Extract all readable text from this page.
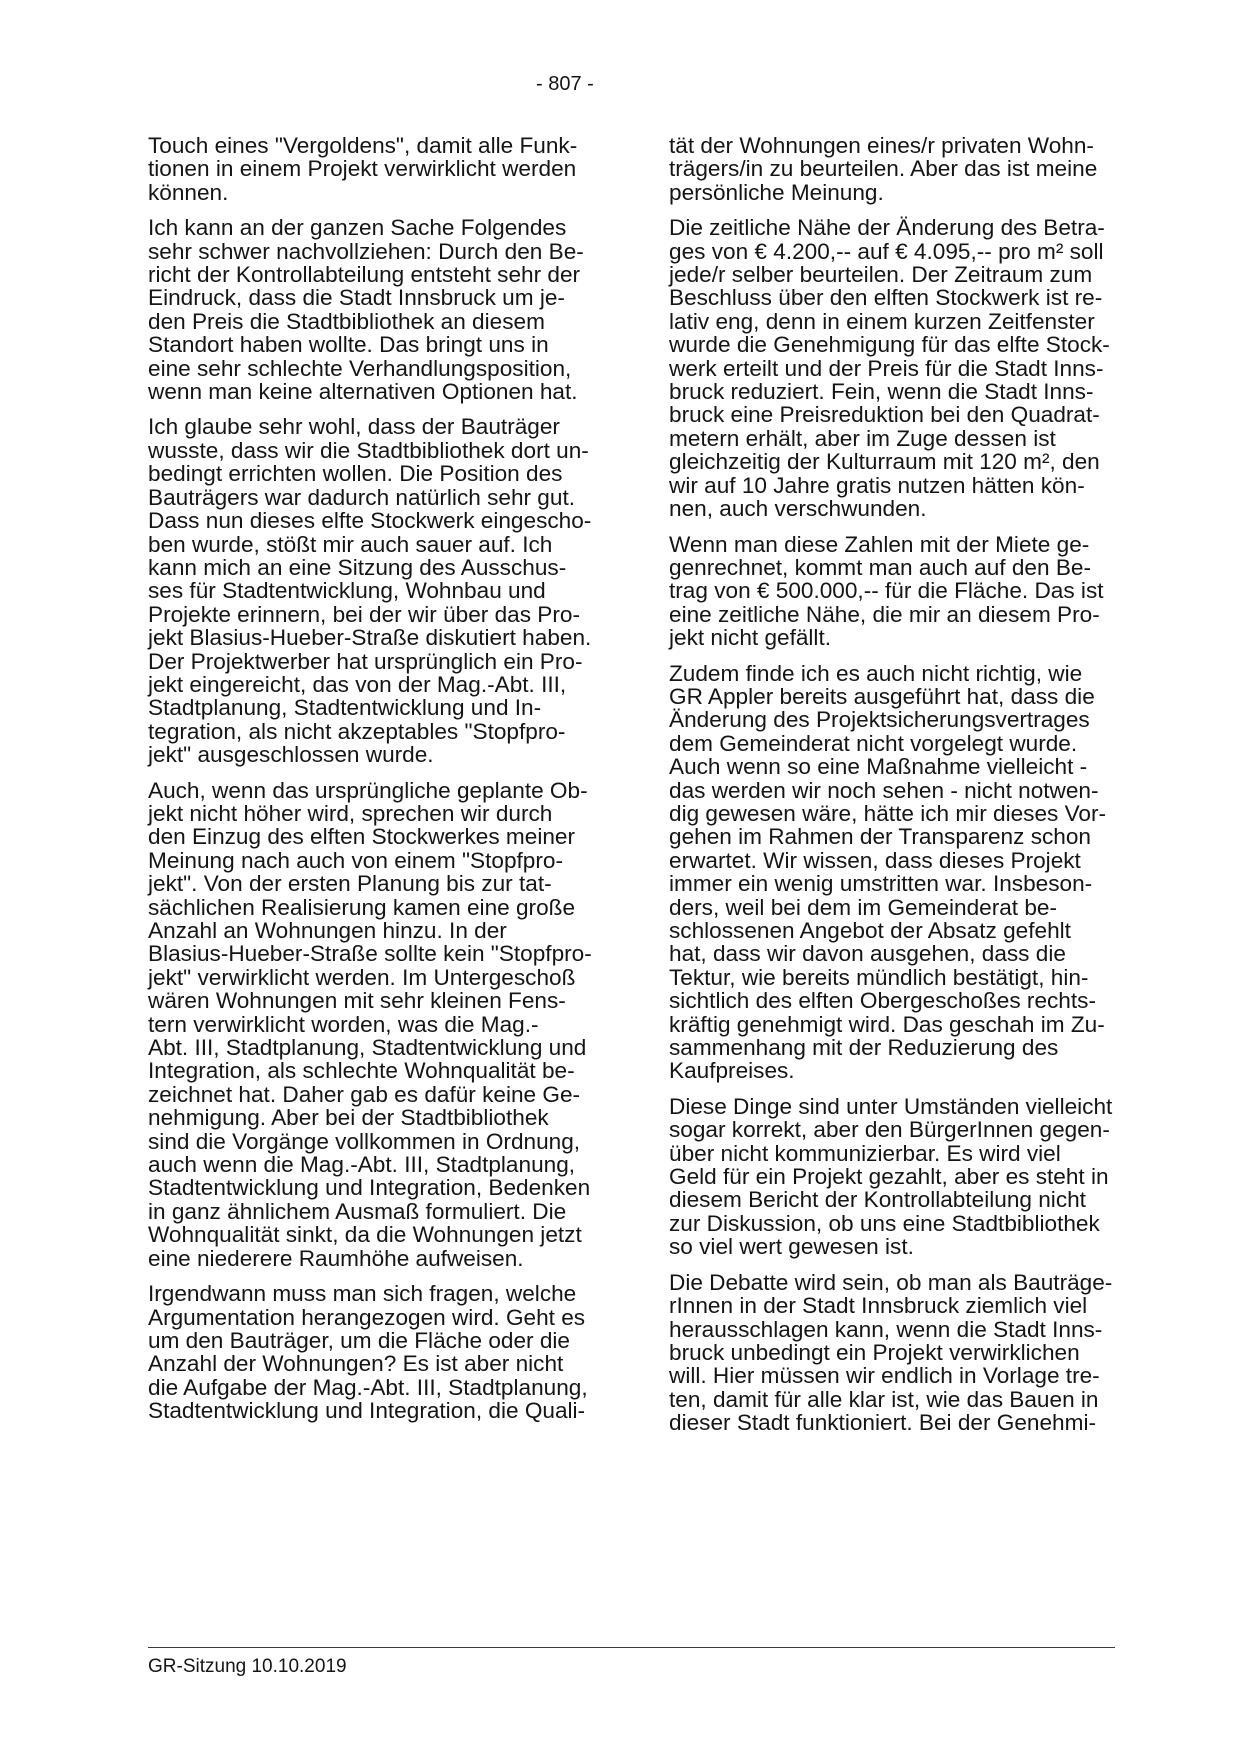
- 807 -

Touch eines "Vergoldens", damit alle Funk-
tionen in einem Projekt verwirklicht werden
können.

Ich kann an der ganzen Sache Folgendes
sehr schwer nachvollziehen: Durch den Be-
richt der Kontrollabteilung entsteht sehr der
Eindruck, dass die Stadt Innsbruck um je-
den Preis die Stadtbibliothek an diesem
Standort haben wollte. Das bringt uns in
eine sehr schlechte Verhandlungsposition,
wenn man keine alternativen Optionen hat.

Ich glaube sehr wohl, dass der Bauträger
wusste, dass wir die Stadtbibliothek dort un-
bedingt errichten wollen. Die Position des
Bauträgers war dadurch natürlich sehr gut.
Dass nun dieses elfte Stockwerk eingescho-
ben wurde, stößt mir auch sauer auf. Ich
kann mich an eine Sitzung des Ausschus-
ses für Stadtentwicklung, Wohnbau und
Projekte erinnern, bei der wir über das Pro-
jekt Blasius-Hueber-Straße diskutiert haben.
Der Projektwerber hat ursprünglich ein Pro-
jekt eingereicht, das von der Mag.-Abt. III,
Stadtplanung, Stadtentwicklung und In-
tegration, als nicht akzeptables "Stopfpro-
jekt" ausgeschlossen wurde.

Auch, wenn das ursprüngliche geplante Ob-
jekt nicht höher wird, sprechen wir durch
den Einzug des elften Stockwerkes meiner
Meinung nach auch von einem "Stopfpro-
jekt". Von der ersten Planung bis zur tat-
sächlichen Realisierung kamen eine große
Anzahl an Wohnungen hinzu. In der
Blasius-Hueber-Straße sollte kein "Stopfpro-
jekt" verwirklicht werden. Im Untergeschoß
wären Wohnungen mit sehr kleinen Fens-
tern verwirklicht worden, was die Mag.-
Abt. III, Stadtplanung, Stadtentwicklung und
Integration, als schlechte Wohnqualität be-
zeichnet hat. Daher gab es dafür keine Ge-
nehmigung. Aber bei der Stadtbibliothek
sind die Vorgänge vollkommen in Ordnung,
auch wenn die Mag.-Abt. III, Stadtplanung,
Stadtentwicklung und Integration, Bedenken
in ganz ähnlichem Ausmaß formuliert. Die
Wohnqualität sinkt, da die Wohnungen jetzt
eine niederere Raumhöhe aufweisen.

Irgendwann muss man sich fragen, welche
Argumentation herangezogen wird. Geht es
um den Bauträger, um die Fläche oder die
Anzahl der Wohnungen? Es ist aber nicht
die Aufgabe der Mag.-Abt. III, Stadtplanung,
Stadtentwicklung und Integration, die Quali-

tät der Wohnungen eines/r privaten Wohn-
trägers/in zu beurteilen. Aber das ist meine
persönliche Meinung.

Die zeitliche Nähe der Änderung des Betra-
ges von € 4.200,-- auf € 4.095,-- pro m² soll
jede/r selber beurteilen. Der Zeitraum zum
Beschluss über den elften Stockwerk ist re-
lativ eng, denn in einem kurzen Zeitfenster
wurde die Genehmigung für das elfte Stock-
werk erteilt und der Preis für die Stadt Inns-
bruck reduziert. Fein, wenn die Stadt Inns-
bruck eine Preisreduktion bei den Quadrat-
metern erhält, aber im Zuge dessen ist
gleichzeitig der Kulturraum mit 120 m², den
wir auf 10 Jahre gratis nutzen hätten kön-
nen, auch verschwunden.

Wenn man diese Zahlen mit der Miete ge-
genrechnet, kommt man auch auf den Be-
trag von € 500.000,-- für die Fläche. Das ist
eine zeitliche Nähe, die mir an diesem Pro-
jekt nicht gefällt.

Zudem finde ich es auch nicht richtig, wie
GR Appler bereits ausgeführt hat, dass die
Änderung des Projektsicherungsvertrages
dem Gemeinderat nicht vorgelegt wurde.
Auch wenn so eine Maßnahme vielleicht -
das werden wir noch sehen - nicht notwen-
dig gewesen wäre, hätte ich mir dieses Vor-
gehen im Rahmen der Transparenz schon
erwartet. Wir wissen, dass dieses Projekt
immer ein wenig umstritten war. Insbeson-
ders, weil bei dem im Gemeinderat be-
schlossenen Angebot der Absatz gefehlt
hat, dass wir davon ausgehen, dass die
Tektur, wie bereits mündlich bestätigt, hin-
sichtlich des elften Obergeschoßes rechts-
kräftig genehmigt wird. Das geschah im Zu-
sammenhang mit der Reduzierung des
Kaufpreises.

Diese Dinge sind unter Umständen vielleicht
sogar korrekt, aber den BürgerInnen gegen-
über nicht kommunizierbar. Es wird viel
Geld für ein Projekt gezahlt, aber es steht in
diesem Bericht der Kontrollabteilung nicht
zur Diskussion, ob uns eine Stadtbibliothek
so viel wert gewesen ist.

Die Debatte wird sein, ob man als Bauträge-
rInnen in der Stadt Innsbruck ziemlich viel
herausschlagen kann, wenn die Stadt Inns-
bruck unbedingt ein Projekt verwirklichen
will. Hier müssen wir endlich in Vorlage tre-
ten, damit für alle klar ist, wie das Bauen in
dieser Stadt funktioniert. Bei der Genehmi-

GR-Sitzung 10.10.2019
